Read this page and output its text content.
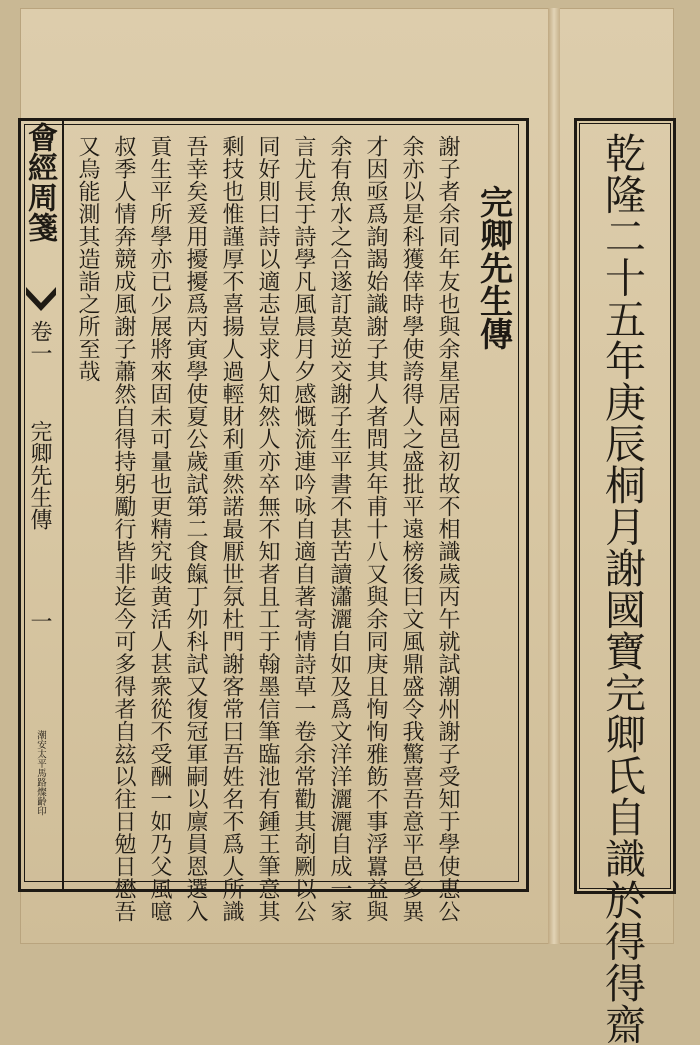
乾隆二十五年庚辰桐月謝國寶完卿氏自識於得得齋
會經周箋
卷一
完卿先生傳
一
潮安太平馬路燦齡印
完卿先生傳
謝子者余同年友也與余星居兩邑初故不相識歲丙午就試潮州謝子受知于學使惠公
余亦以是科獲倖時學使誇得人之盛批平遠榜後曰文風鼎盛令我驚喜吾意平邑多異
才因亟爲詢謁始識謝子其人者問其年甫十八又與余同庚且恂恂雅飭不事浮囂益與
余有魚水之合遂訂莫逆交謝子生平書不甚苦讀瀟灑自如及爲文洋洋灑灑自成一家
言尤長于詩學凡風晨月夕感慨流連吟咏自適自著寄情詩草一卷余常勸其剞劂以公
同好則曰詩以適志豈求人知然人亦卒無不知者且工于翰墨信筆臨池有鍾王筆意其
剩技也惟謹厚不喜揚人過輕財利重然諾最厭世氛杜門謝客常曰吾姓名不爲人所識
吾幸矣爰用擾擾爲丙寅學使夏公歲試第二食餼丁夘科試又復冠軍嗣以廪員恩選入
貢生平所學亦已少展將來固未可量也更精究岐黄活人甚衆從不受酬一如乃父風噫
叔季人情奔競成風謝子蕭然自得持躬勵行皆非迄今可多得者自玆以往日勉日懋吾
又烏能測其造詣之所至哉
